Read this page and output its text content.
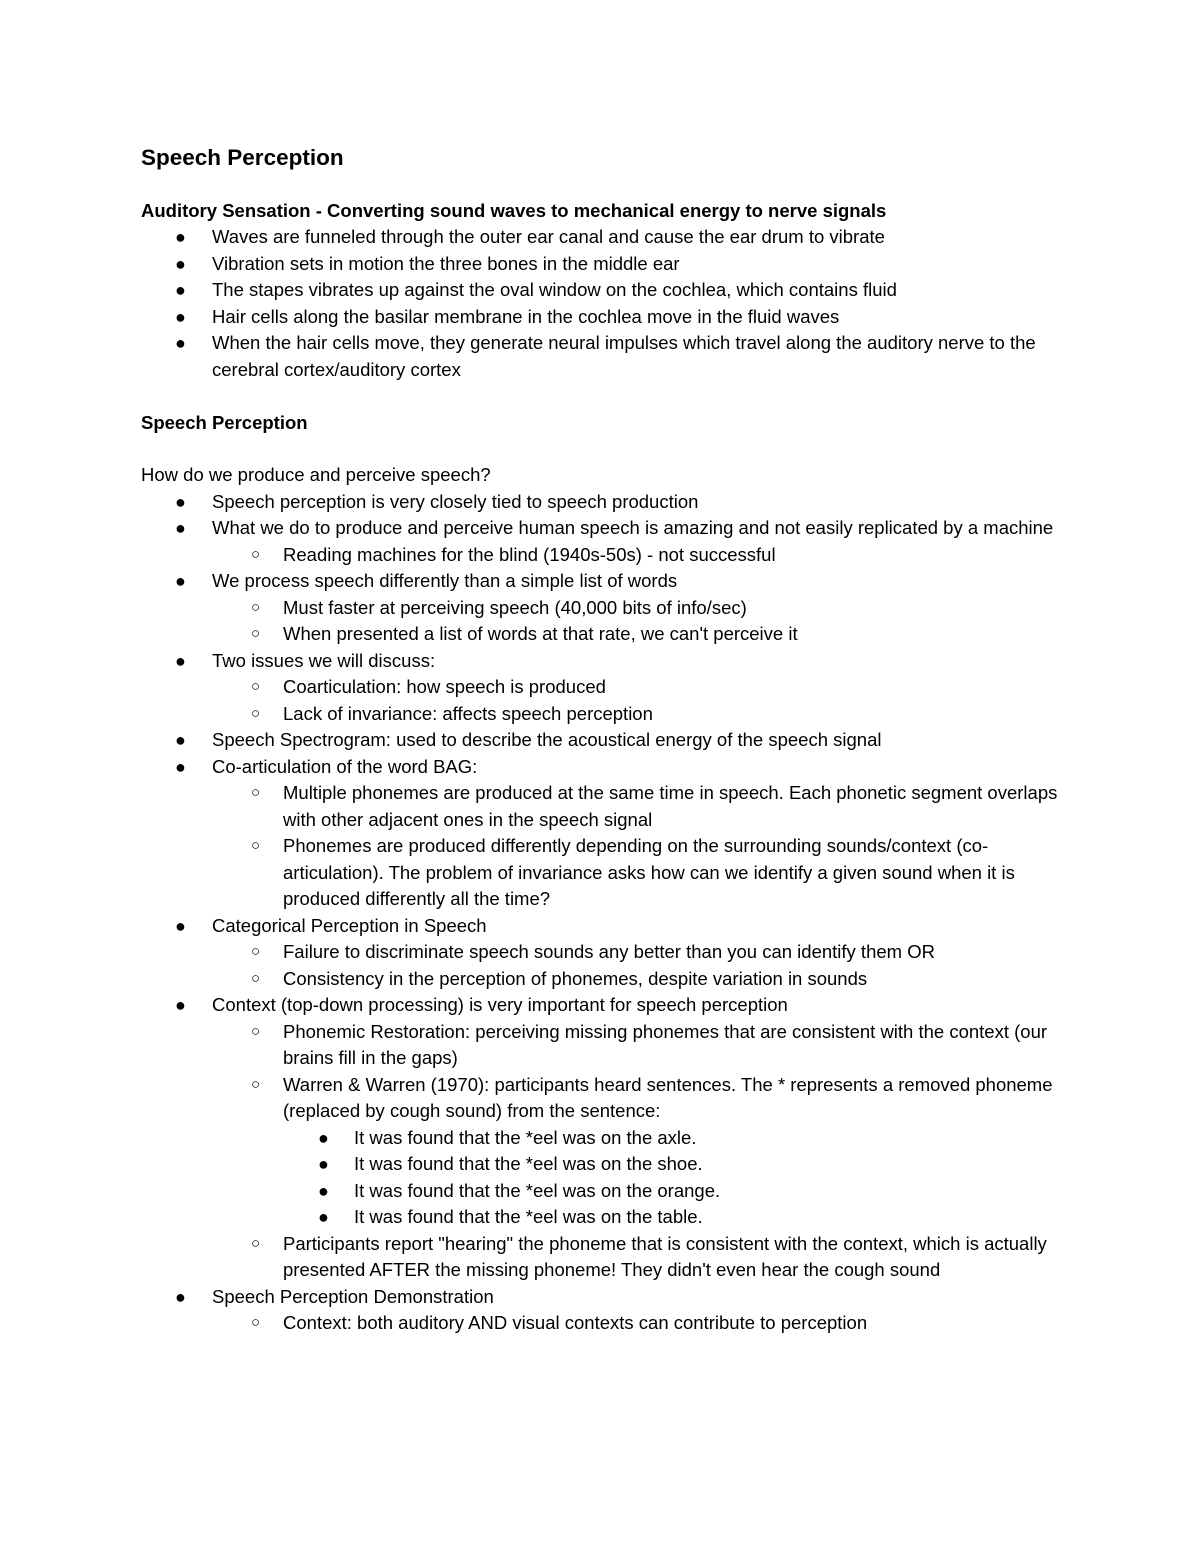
Speech Perception

Auditory Sensation - Converting sound waves to mechanical energy to nerve signals

● Waves are funneled through the outer ear canal and cause the ear drum to vibrate
● Vibration sets in motion the three bones in the middle ear
● The stapes vibrates up against the oval window on the cochlea, which contains fluid
● Hair cells along the basilar membrane in the cochlea move in the fluid waves
● When the hair cells move, they generate neural impulses which travel along the auditory nerve to the cerebral cortex/auditory cortex

Speech Perception

How do we produce and perceive speech?

● Speech perception is very closely tied to speech production
● What we do to produce and perceive human speech is amazing and not easily replicated by a machine
○ Reading machines for the blind (1940s-50s) - not successful
● We process speech differently than a simple list of words
○ Must faster at perceiving speech (40,000 bits of info/sec)
○ When presented a list of words at that rate, we can't perceive it
● Two issues we will discuss:
○ Coarticulation: how speech is produced
○ Lack of invariance: affects speech perception
● Speech Spectrogram: used to describe the acoustical energy of the speech signal
● Co-articulation of the word BAG:
○ Multiple phonemes are produced at the same time in speech. Each phonetic segment overlaps with other adjacent ones in the speech signal
○ Phonemes are produced differently depending on the surrounding sounds/context (co-articulation). The problem of invariance asks how can we identify a given sound when it is produced differently all the time?
● Categorical Perception in Speech
○ Failure to discriminate speech sounds any better than you can identify them OR
○ Consistency in the perception of phonemes, despite variation in sounds
● Context (top-down processing) is very important for speech perception
○ Phonemic Restoration: perceiving missing phonemes that are consistent with the context (our brains fill in the gaps)
○ Warren & Warren (1970): participants heard sentences. The * represents a removed phoneme (replaced by cough sound) from the sentence:
● It was found that the *eel was on the axle.
● It was found that the *eel was on the shoe.
● It was found that the *eel was on the orange.
● It was found that the *eel was on the table.
○ Participants report "hearing" the phoneme that is consistent with the context, which is actually presented AFTER the missing phoneme! They didn't even hear the cough sound
● Speech Perception Demonstration
○ Context: both auditory AND visual contexts can contribute to perception
